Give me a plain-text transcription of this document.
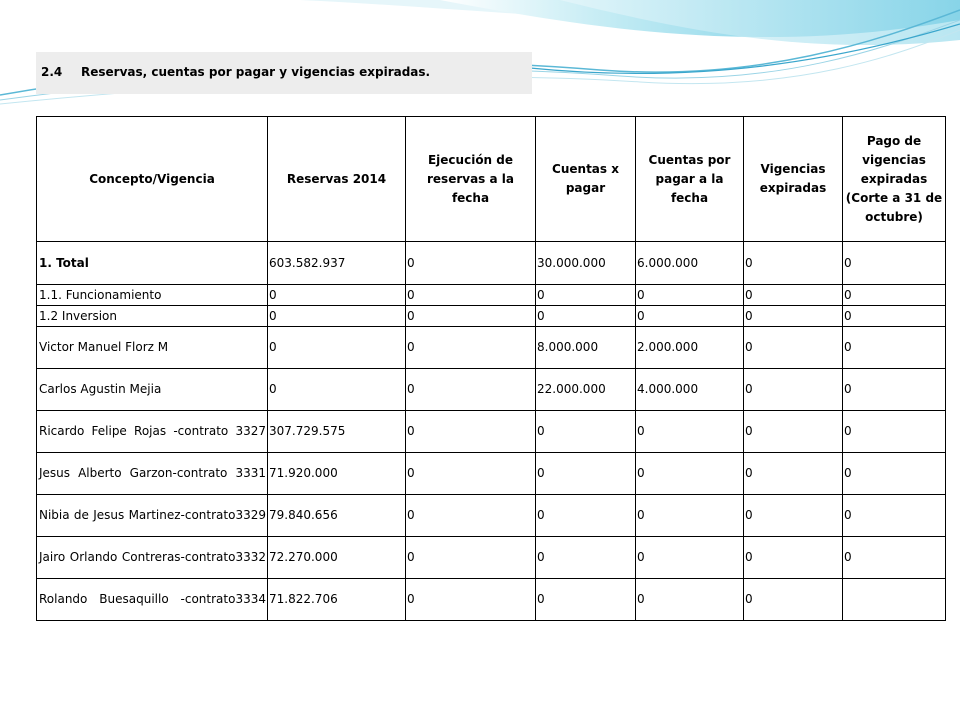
2.4 Reservas, cuentas por pagar y vigencias expiradas.
Concepto/Vigencia	Reservas 2014	Ejecución de reservas a la fecha	Cuentas x pagar	Cuentas por pagar a la fecha	Vigencias expiradas	Pago de vigencias expiradas (Corte a 31 de octubre)
1. Total	603.582.937	0	30.000.000	6.000.000	0	0
1.1. Funcionamiento	0	0	0	0	0	0
1.2 Inversion	0	0	0	0	0	0
Victor Manuel Florz M	0	0	8.000.000	2.000.000	0	0
Carlos Agustin Mejia	0	0	22.000.000	4.000.000	0	0
Ricardo Felipe Rojas -contrato 3327	307.729.575	0	0	0	0	0
Jesus Alberto Garzon-contrato 3331	71.920.000	0	0	0	0	0
Nibia de Jesus Martinez-contrato3329	79.840.656	0	0	0	0	0
Jairo Orlando Contreras-contrato3332	72.270.000	0	0	0	0	0
Rolando Buesaquillo -contrato3334	71.822.706	0	0	0	0	
